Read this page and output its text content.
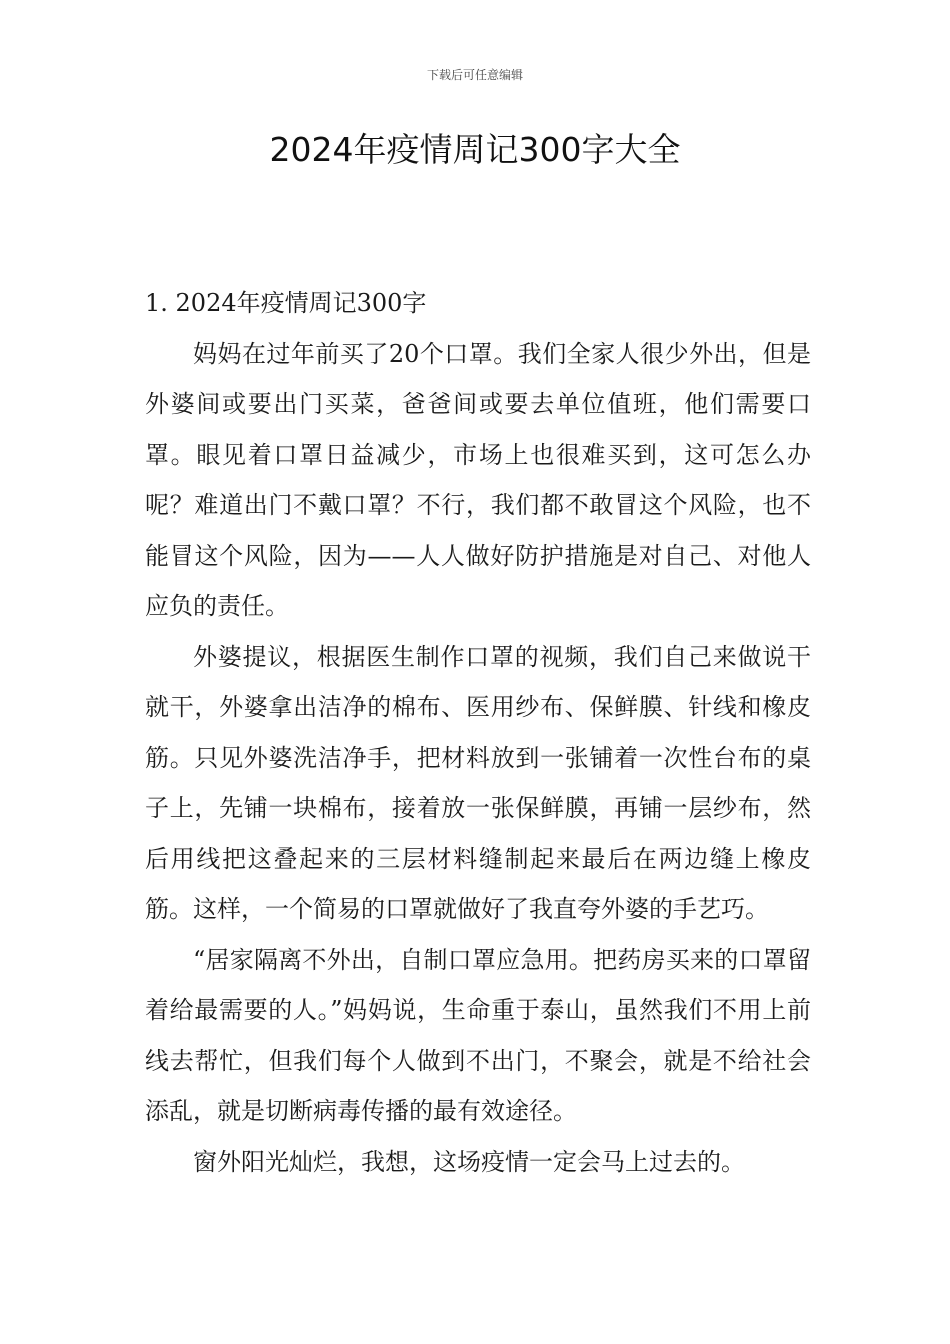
下载后可任意编辑
2024年疫情周记300字大全
1. 2024年疫情周记300字

妈妈在过年前买了20个口罩。我们全家人很少外出，但是外婆间或要出门买菜，爸爸间或要去单位值班，他们需要口罩。眼见着口罩日益减少，市场上也很难买到，这可怎么办呢？难道出门不戴口罩？不行，我们都不敢冒这个风险，也不能冒这个风险，因为——人人做好防护措施是对自己、对他人应负的责任。

外婆提议，根据医生制作口罩的视频，我们自己来做说干就干，外婆拿出洁净的棉布、医用纱布、保鲜膜、针线和橡皮筋。只见外婆洗洁净手，把材料放到一张铺着一次性台布的桌子上，先铺一块棉布，接着放一张保鲜膜，再铺一层纱布，然后用线把这叠起来的三层材料缝制起来最后在两边缝上橡皮筋。这样，一个简易的口罩就做好了我直夸外婆的手艺巧。

“居家隔离不外出，自制口罩应急用。把药房买来的口罩留着给最需要的人。”妈妈说，生命重于泰山，虽然我们不用上前线去帮忙，但我们每个人做到不出门，不聚会，就是不给社会添乱，就是切断病毒传播的最有效途径。

窗外阳光灿烂，我想，这场疫情一定会马上过去的。
